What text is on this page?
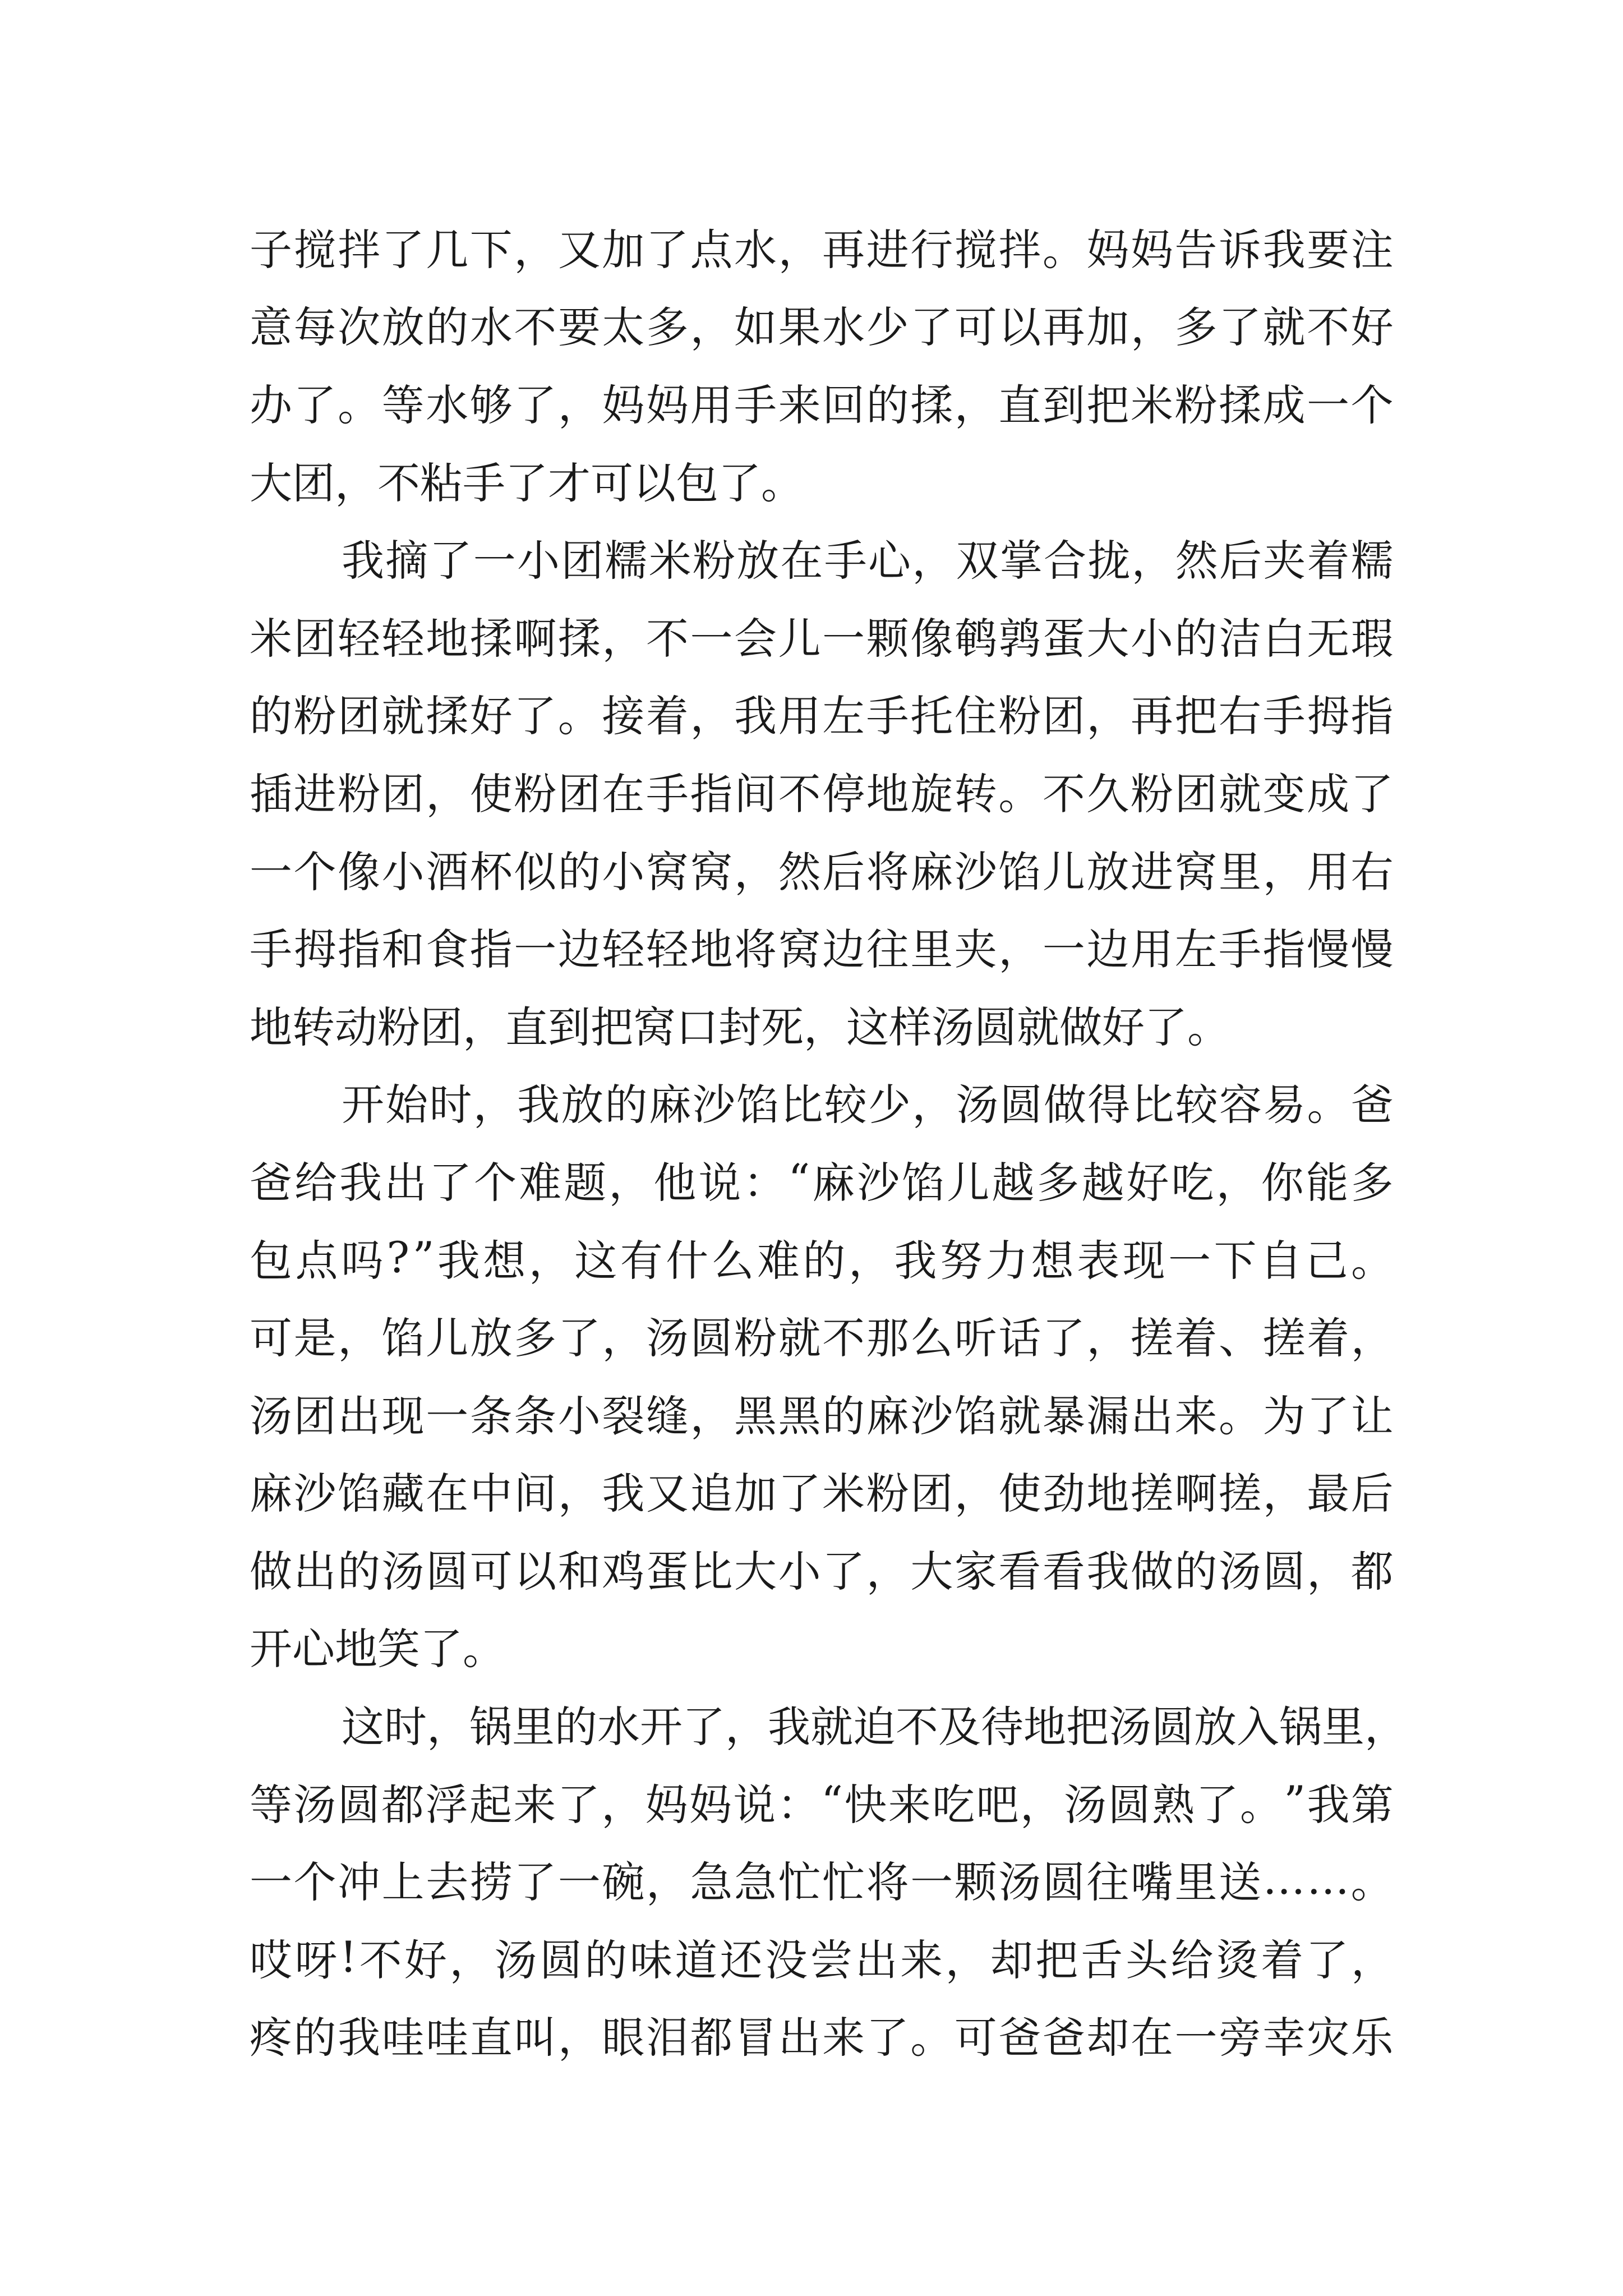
子 搅 拌 了 几 下 ， 又 加 了 点 水 ， 再 进 行 搅 拌 。 妈 妈 告 诉 我 要 注
意 每 次 放 的 水 不 要 太 多 ， 如 果 水 少 了 可 以 再 加 ， 多 了 就 不 好
办 了 。 等 水 够 了 ， 妈 妈 用 手 来 回 的 揉 ， 直 到 把 米 粉 揉 成 一 个
大 团 ， 不 粘 手 了 才 可 以 包 了 。
我 摘 了 一 小 团 糯 米 粉 放 在 手 心 ， 双 掌 合 拢 ， 然 后 夹 着 糯
米 团 轻 轻 地 揉 啊 揉 ， 不 一 会 儿 一 颗 像 鹌 鹑 蛋 大 小 的 洁 白 无 瑕
的 粉 团 就 揉 好 了 。 接 着 ， 我 用 左 手 托 住 粉 团 ， 再 把 右 手 拇 指
插 进 粉 团 ， 使 粉 团 在 手 指 间 不 停 地 旋 转 。 不 久 粉 团 就 变 成 了
一 个 像 小 酒 杯 似 的 小 窝 窝 ， 然 后 将 麻 沙 馅 儿 放 进 窝 里 ， 用 右
手 拇 指 和 食 指 一 边 轻 轻 地 将 窝 边 往 里 夹 ， 一 边 用 左 手 指 慢 慢
地 转 动 粉 团 ， 直 到 把 窝 口 封 死 ， 这 样 汤 圆 就 做 好 了 。
开 始 时 ， 我 放 的 麻 沙 馅 比 较 少 ， 汤 圆 做 得 比 较 容 易 。 爸
爸 给 我 出 了 个 难 题 ， 他 说 ： “ 麻 沙 馅 儿 越 多 越 好 吃 ， 你 能 多
包 点 吗 ? ” 我 想 ， 这 有 什 么 难 的 ， 我 努 力 想 表 现 一 下 自 己 。
可 是 ， 馅 儿 放 多 了 ， 汤 圆 粉 就 不 那 么 听 话 了 ， 搓 着 、 搓 着 ，
汤 团 出 现 一 条 条 小 裂 缝 ， 黑 黑 的 麻 沙 馅 就 暴 漏 出 来 。 为 了 让
麻 沙 馅 藏 在 中 间 ， 我 又 追 加 了 米 粉 团 ， 使 劲 地 搓 啊 搓 ， 最 后
做 出 的 汤 圆 可 以 和 鸡 蛋 比 大 小 了 ， 大 家 看 看 我 做 的 汤 圆 ， 都
开 心 地 笑 了 。
这 时 ， 锅 里 的 水 开 了 ， 我 就 迫 不 及 待 地 把 汤 圆 放 入 锅 里 ，
等 汤 圆 都 浮 起 来 了 ， 妈 妈 说 ： “ 快 来 吃 吧 ， 汤 圆 熟 了 。 ” 我 第
一 个 冲 上 去 捞 了 一 碗 ， 急 急 忙 忙 将 一 颗 汤 圆 往 嘴 里 送 … … 。
哎 呀 ! 不 好 ， 汤 圆 的 味 道 还 没 尝 出 来 ， 却 把 舌 头 给 烫 着 了 ，
疼 的 我 哇 哇 直 叫 ， 眼 泪 都 冒 出 来 了 。 可 爸 爸 却 在 一 旁 幸 灾 乐
